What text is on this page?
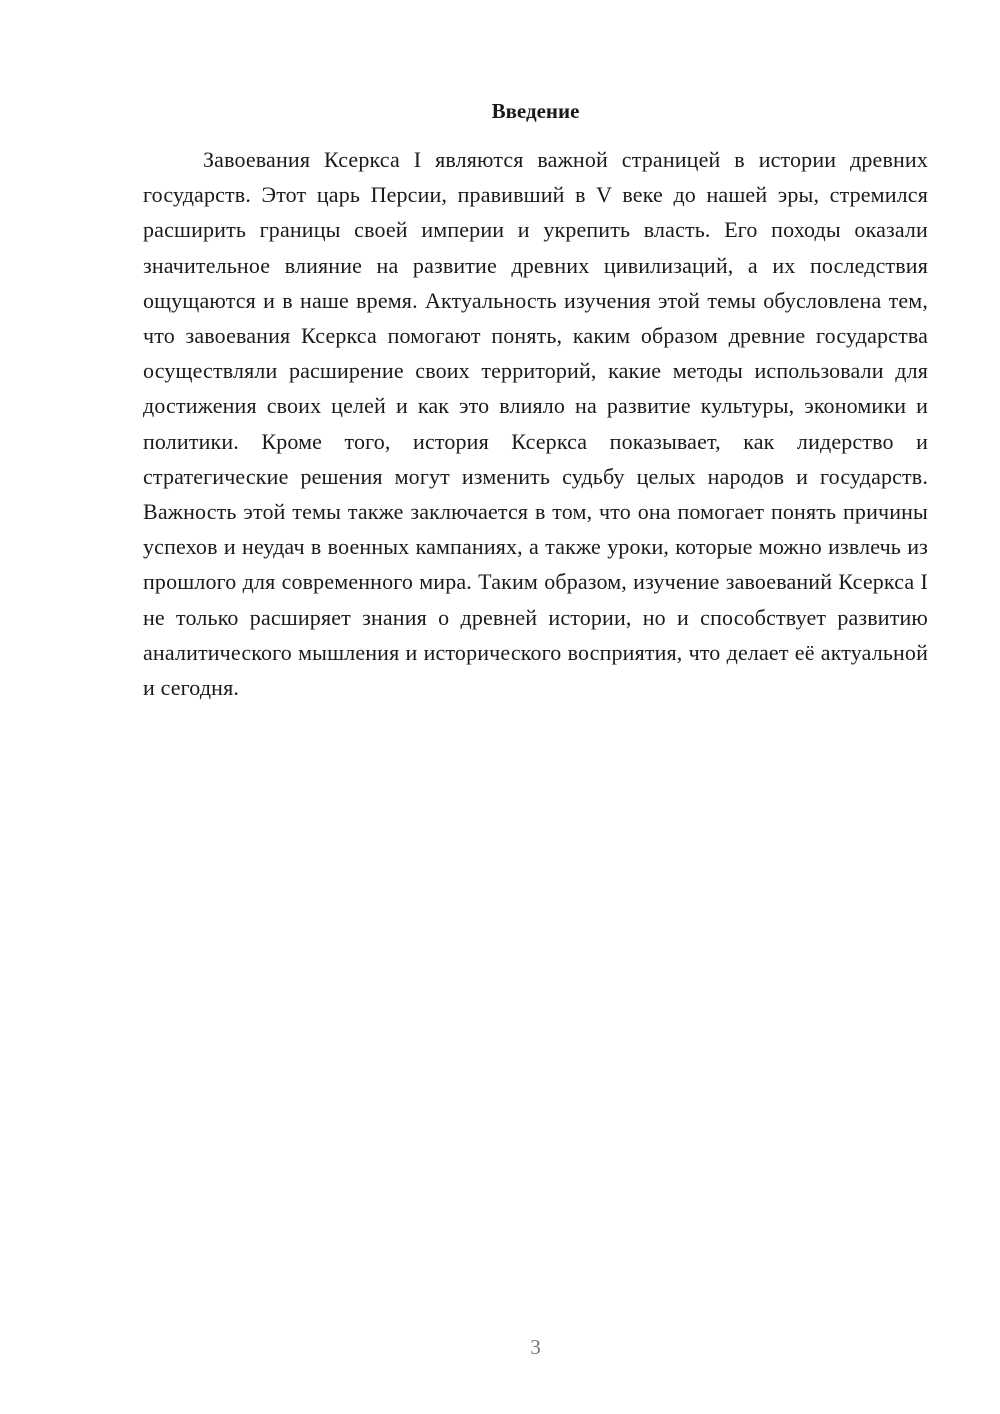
Введение

Завоевания Ксеркса I являются важной страницей в истории древних государств. Этот царь Персии, правивший в V веке до нашей эры, стремился расширить границы своей империи и укрепить власть. Его походы оказали значительное влияние на развитие древних цивилизаций, а их последствия ощущаются и в наше время. Актуальность изучения этой темы обусловлена тем, что завоевания Ксеркса помогают понять, каким образом древние государства осуществляли расширение своих территорий, какие методы использовали для достижения своих целей и как это влияло на развитие культуры, экономики и политики. Кроме того, история Ксеркса показывает, как лидерство и стратегические решения могут изменить судьбу целых народов и государств. Важность этой темы также заключается в том, что она помогает понять причины успехов и неудач в военных кампаниях, а также уроки, которые можно извлечь из прошлого для современного мира. Таким образом, изучение завоеваний Ксеркса I не только расширяет знания о древней истории, но и способствует развитию аналитического мышления и исторического восприятия, что делает её актуальной и сегодня.

3
